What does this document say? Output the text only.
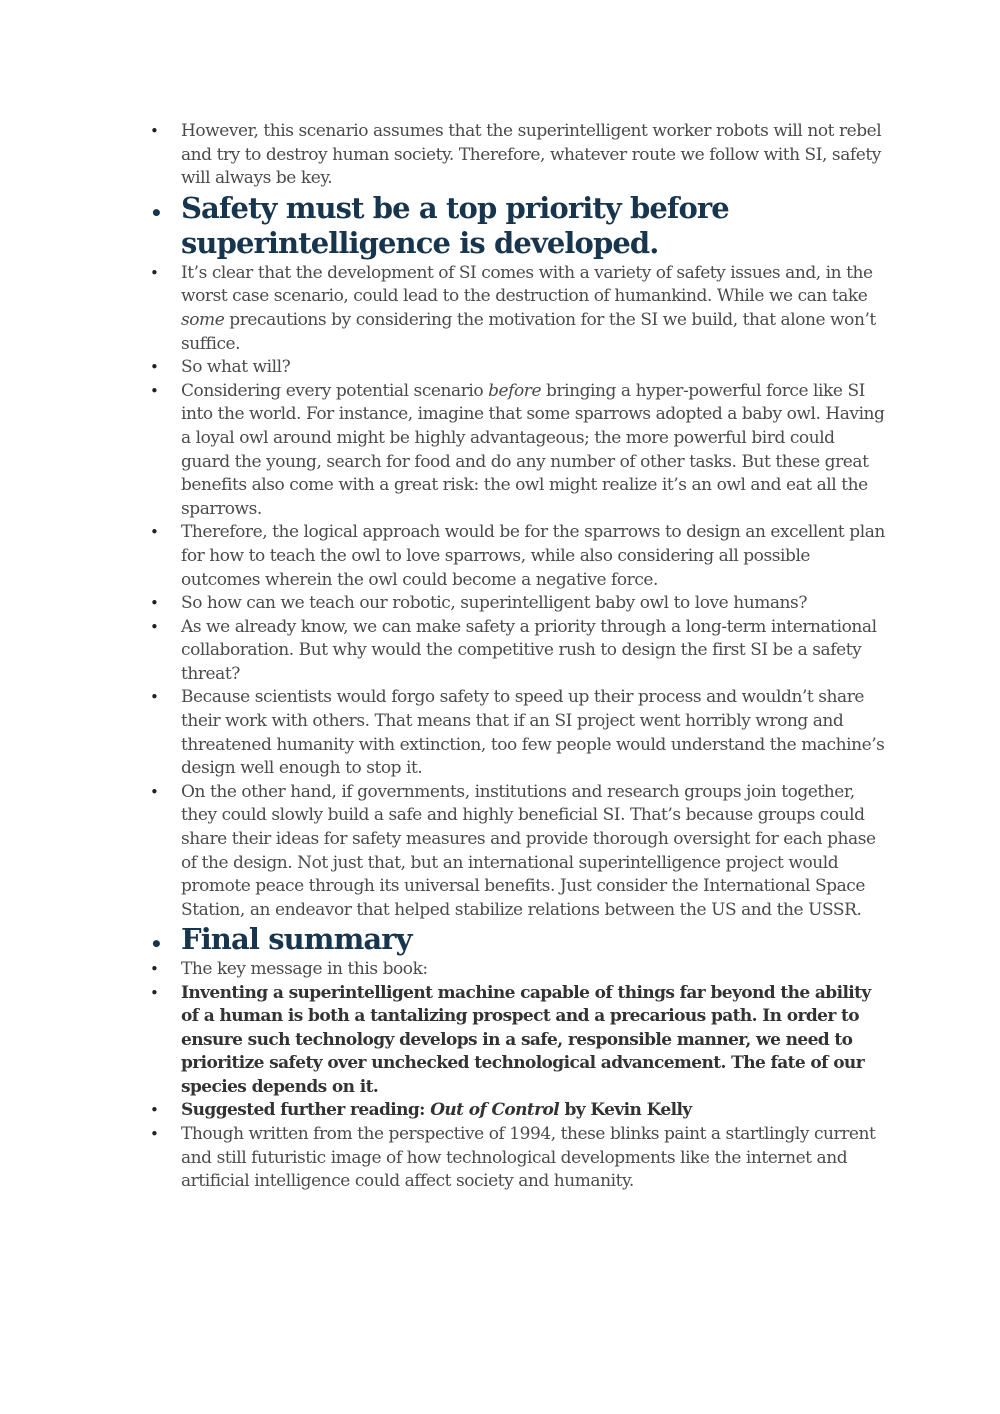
• However, this scenario assumes that the superintelligent worker robots will not rebel and try to destroy human society. Therefore, whatever route we follow with SI, safety will always be key.
• Safety must be a top priority before superintelligence is developed.
• It’s clear that the development of SI comes with a variety of safety issues and, in the worst case scenario, could lead to the destruction of humankind. While we can take some precautions by considering the motivation for the SI we build, that alone won’t suffice.
• So what will?
• Considering every potential scenario before bringing a hyper-powerful force like SI into the world. For instance, imagine that some sparrows adopted a baby owl. Having a loyal owl around might be highly advantageous; the more powerful bird could guard the young, search for food and do any number of other tasks. But these great benefits also come with a great risk: the owl might realize it’s an owl and eat all the sparrows.
• Therefore, the logical approach would be for the sparrows to design an excellent plan for how to teach the owl to love sparrows, while also considering all possible outcomes wherein the owl could become a negative force.
• So how can we teach our robotic, superintelligent baby owl to love humans?
• As we already know, we can make safety a priority through a long-term international collaboration. But why would the competitive rush to design the first SI be a safety threat?
• Because scientists would forgo safety to speed up their process and wouldn’t share their work with others. That means that if an SI project went horribly wrong and threatened humanity with extinction, too few people would understand the machine’s design well enough to stop it.
• On the other hand, if governments, institutions and research groups join together, they could slowly build a safe and highly beneficial SI. That’s because groups could share their ideas for safety measures and provide thorough oversight for each phase of the design. Not just that, but an international superintelligence project would promote peace through its universal benefits. Just consider the International Space Station, an endeavor that helped stabilize relations between the US and the USSR.
• Final summary
• The key message in this book:
• Inventing a superintelligent machine capable of things far beyond the ability of a human is both a tantalizing prospect and a precarious path. In order to ensure such technology develops in a safe, responsible manner, we need to prioritize safety over unchecked technological advancement. The fate of our species depends on it.
• Suggested further reading: Out of Control by Kevin Kelly
• Though written from the perspective of 1994, these blinks paint a startlingly current and still futuristic image of how technological developments like the internet and artificial intelligence could affect society and humanity.
